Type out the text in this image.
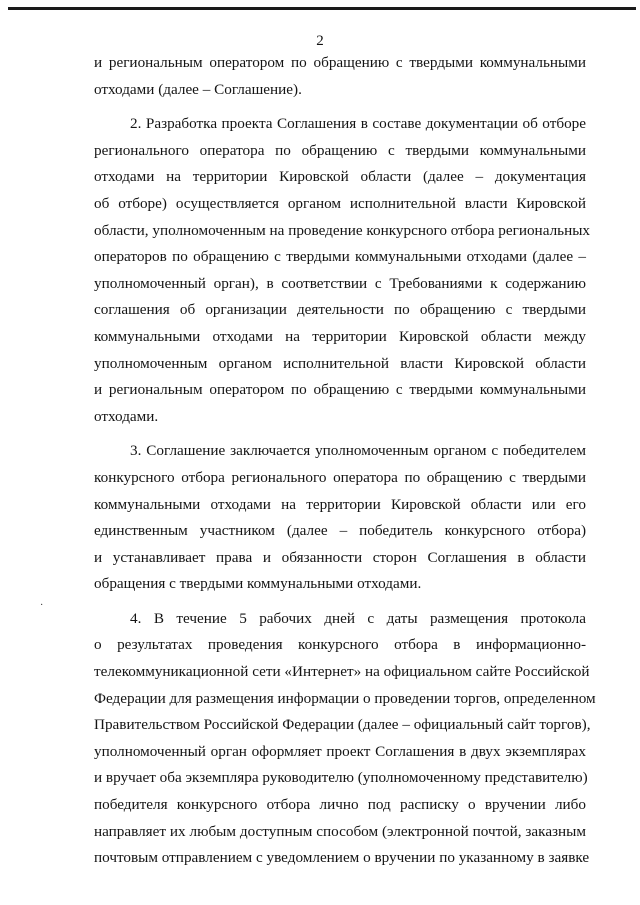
2

и региональным оператором по обращению с твердыми коммунальными
отходами (далее – Соглашение).

2. Разработка проекта Соглашения в составе документации об отборе
регионального оператора по обращению с твердыми коммунальными
отходами на территории Кировской области (далее – документация
об отборе) осуществляется органом исполнительной власти Кировской
области, уполномоченным на проведение конкурсного отбора региональных
операторов по обращению с твердыми коммунальными отходами (далее –
уполномоченный орган), в соответствии с Требованиями к содержанию
соглашения об организации деятельности по обращению с твердыми
коммунальными отходами на территории Кировской области между
уполномоченным органом исполнительной власти Кировской области
и региональным оператором по обращению с твердыми коммунальными
отходами.

3. Соглашение заключается уполномоченным органом с победителем
конкурсного отбора регионального оператора по обращению с твердыми
коммунальными отходами на территории Кировской области или его
единственным участником (далее – победитель конкурсного отбора)
и устанавливает права и обязанности сторон Соглашения в области
обращения с твердыми коммунальными отходами.

4. В течение 5 рабочих дней с даты размещения протокола
о результатах проведения конкурсного отбора в информационно-
телекоммуникационной сети «Интернет» на официальном сайте Российской
Федерации для размещения информации о проведении торгов, определенном
Правительством Российской Федерации (далее – официальный сайт торгов),
уполномоченный орган оформляет проект Соглашения в двух экземплярах
и вручает оба экземпляра руководителю (уполномоченному представителю)
победителя конкурсного отбора лично под расписку о вручении либо
направляет их любым доступным способом (электронной почтой, заказным
почтовым отправлением с уведомлением о вручении по указанному в заявке

·
